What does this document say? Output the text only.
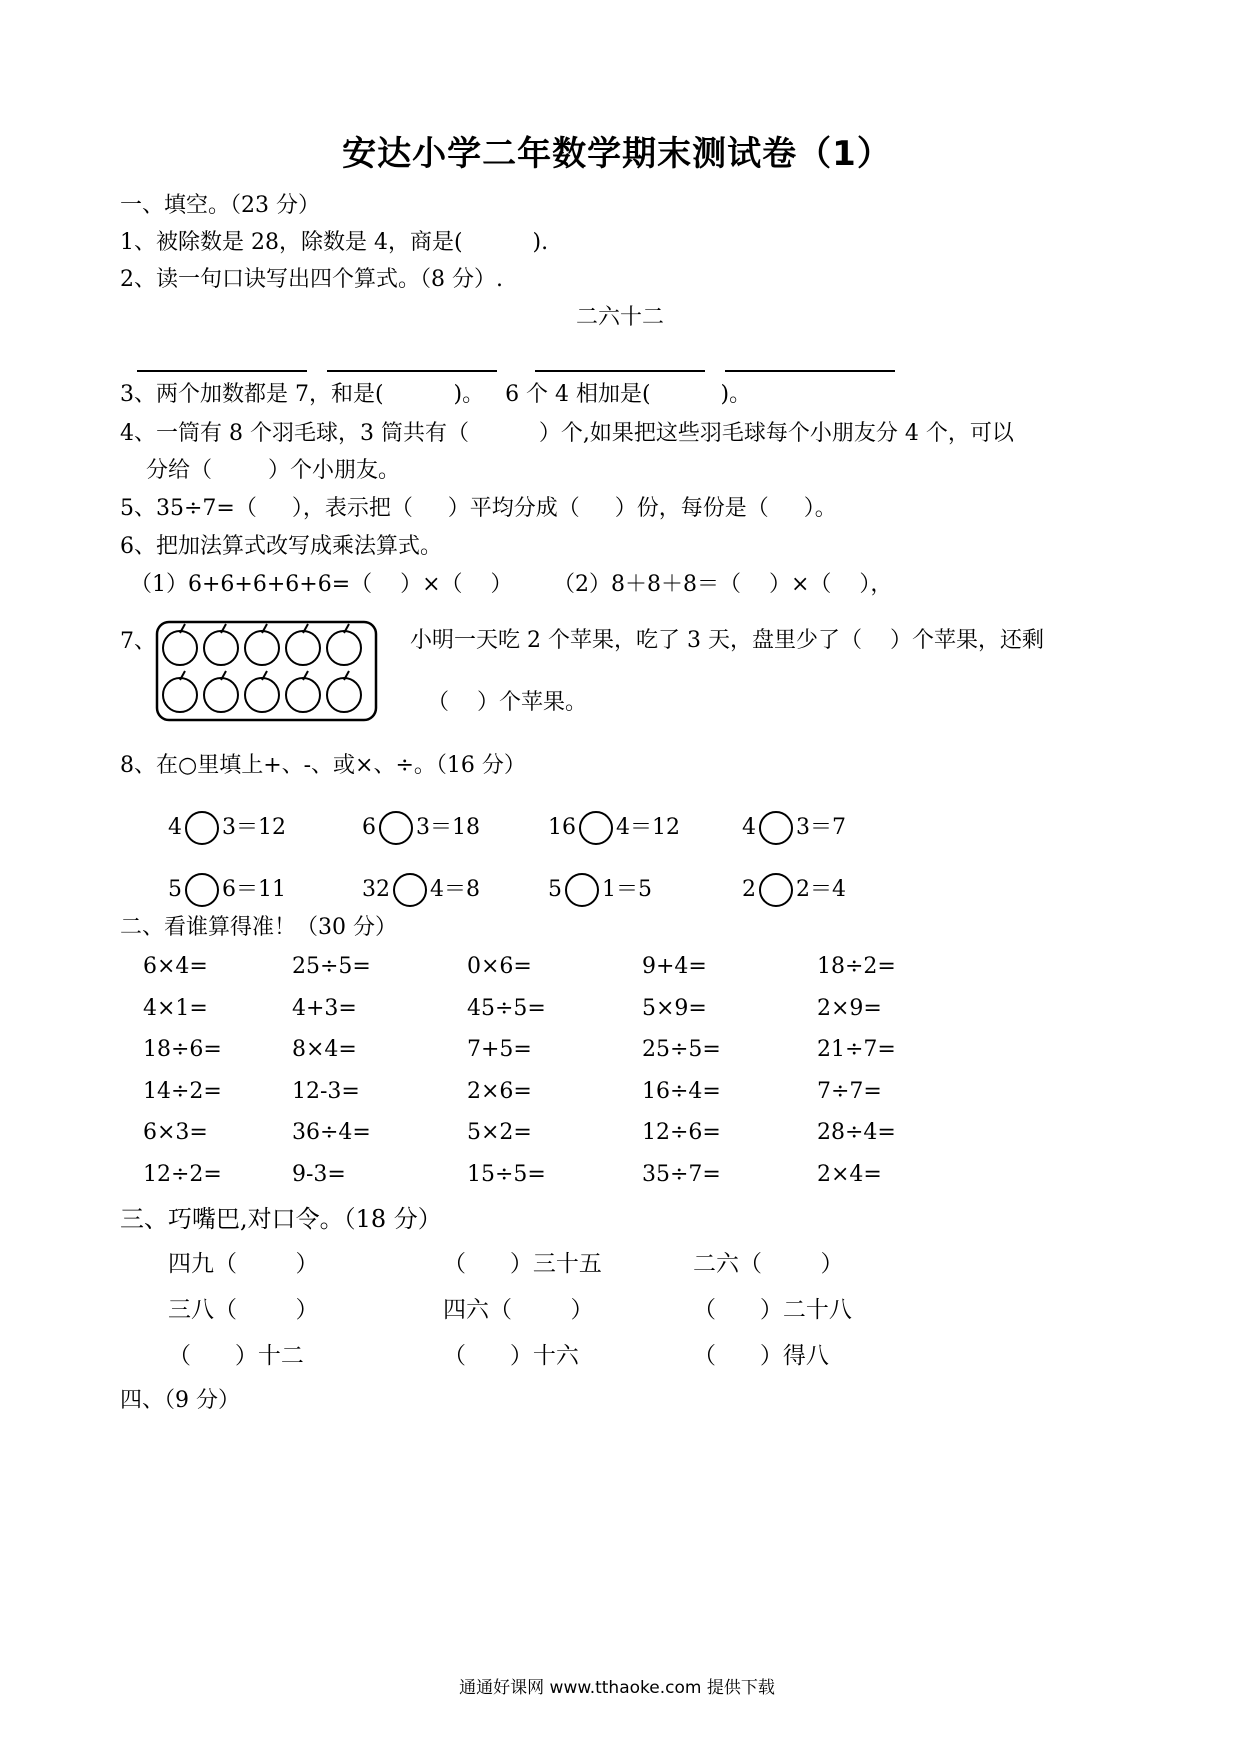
安达小学二年数学期末测试卷（1）
一、填空。（23 分）
1、被除数是 28，除数是 4，商是(          ).
2、读一句口诀写出四个算式。（8 分）.
二六十二
3、两个加数都是 7，和是(          )。   6 个 4 相加是(          )。
4、一筒有 8 个羽毛球，3 筒共有（          ）个,如果把这些羽毛球每个小朋友分 4 个，可以
分给（        ）个小朋友。
5、35÷7=（     ），表示把（     ）平均分成（     ）份，每份是（     ）。
6、把加法算式改写成乘法算式。
（1）6+6+6+6+6=（    ）×（    ） （2）8＋8＋8＝（    ）×（    ），
7、	小明一天吃 2 个苹果，吃了 3 天，盘里少了（    ）个苹果，还剩
（    ）个苹果。
8、在○里填上+、-、或×、÷。（16 分）
4 3＝12	6 3＝18	16 4＝12	4 3＝7
5 6＝11	32 4＝8	5 1＝5	2 2＝4
二、看谁算得准！（30 分）
6×4=	25÷5=	0×6=	9+4=	18÷2=
4×1=	4+3=	45÷5=	5×9=	2×9=
18÷6=	8×4=	7+5=	25÷5=	21÷7=
14÷2=	12-3=	2×6=	16÷4=	7÷7=
6×3=	36÷4=	5×2=	12÷6=	28÷4=
12÷2=	9-3=	15÷5=	35÷7=	2×4=
三、巧嘴巴,对口令。（18 分）
四九（        ）	（      ）三十五	二六（        ）
三八（        ）	四六（        ）	（      ）二十八
（      ）十二	（      ）十六	（      ）得八
四、（9 分）
通通好课网 www.tthaoke.com 提供下载
